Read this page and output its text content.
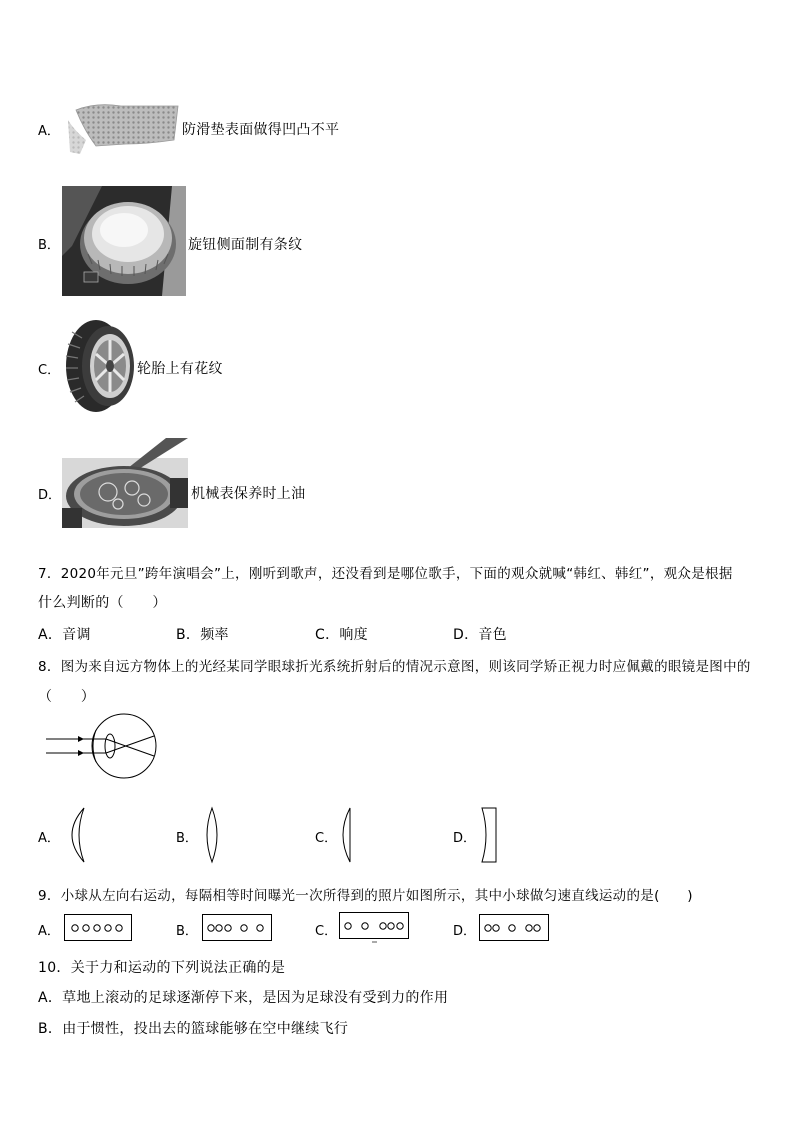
A．	防滑垫表面做得凹凸不平
B．	旋钮侧面制有条纹
C．	轮胎上有花纹
D．	机械表保养时上油
7．2020年元旦”跨年演唱会”上，刚听到歌声，还没看到是哪位歌手，下面的观众就喊“韩红、韩红”，观众是根据
什么判断的（　　）
A．音调	B．频率	C．响度	D．音色
8．图为来自远方物体上的光经某同学眼球折光系统折射后的情况示意图，则该同学矫正视力时应佩戴的眼镜是图中的
（　　）
A．	B．	C．	D．
9．小球从左向右运动，每隔相等时间曝光一次所得到的照片如图所示，其中小球做匀速直线运动的是(　　)
A．	B．	C．	D．
10．关于力和运动的下列说法正确的是
A．草地上滚动的足球逐渐停下来，是因为足球没有受到力的作用
B．由于惯性，投出去的篮球能够在空中继续飞行
